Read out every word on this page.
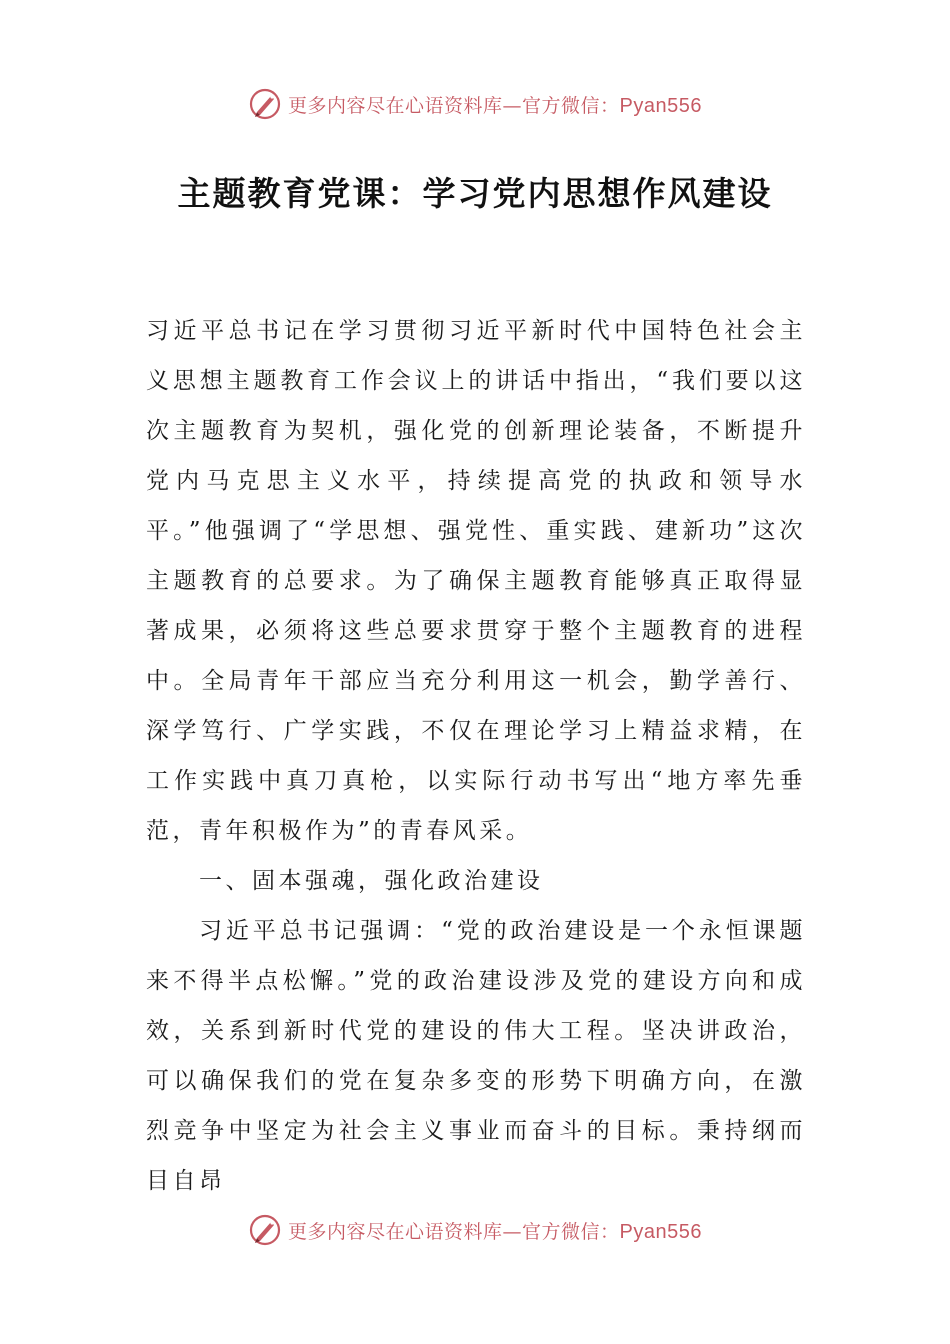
更多内容尽在心语资料库—官方微信：Pyan556
主题教育党课：学习党内思想作风建设

习近平总书记在学习贯彻习近平新时代中国特色社会主义思想主题教育工作会议上的讲话中指出，“我们要以这次主题教育为契机，强化党的创新理论装备，不断提升党内马克思主义水平，持续提高党的执政和领导水平。”他强调了“学思想、强党性、重实践、建新功”这次主题教育的总要求。为了确保主题教育能够真正取得显著成果，必须将这些总要求贯穿于整个主题教育的进程中。全局青年干部应当充分利用这一机会，勤学善行、深学笃行、广学实践，不仅在理论学习上精益求精，在工作实践中真刀真枪，以实际行动书写出“地方率先垂范，青年积极作为”的青春风采。

一、固本强魂，强化政治建设

习近平总书记强调：“党的政治建设是一个永恒课题来不得半点松懈。”党的政治建设涉及党的建设方向和成效，关系到新时代党的建设的伟大工程。坚决讲政治，可以确保我们的党在复杂多变的形势下明确方向，在激烈竞争中坚定为社会主义事业而奋斗的目标。秉持纲而目自昂

更多内容尽在心语资料库—官方微信：Pyan556
